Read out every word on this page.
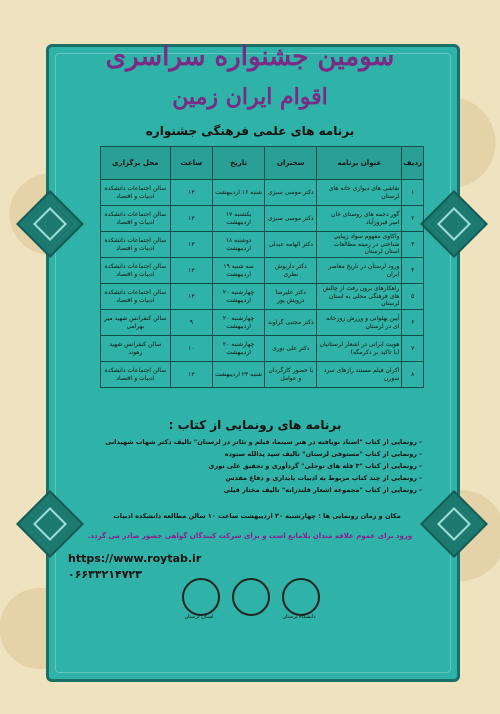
سومین جشنواره سراسری
اقوام ایران زمین
برنامه های علمی فرهنگی جشنواره
ردیف	عنوان برنامه	سخنران	تاریخ	ساعت	محل برگزاری
۱	نقاشی های دیواری خانه های لرستان	دکتر موسی سبزی	شنبه ۱۶ اردیبهشت	۱۳	سالن اجتماعات دانشکده ادبیات و اقتصاد
۲	گور دخمه های روستای خان امیر فیروزآباد	دکتر موسی سبزی	یکشنبه ۱۷ اردیبهشت	۱۳	سالن اجتماعات دانشکده ادبیات و اقتصاد
۳	واکاوی مفهوم سواد زیبایی شناختی در زمینه مطالعات استان لرستان	دکتر الهامه عبدلی	دوشنبه ۱۸ اردیبهشت	۱۳	سالن اجتماعات دانشکده ادبیات و اقتصاد
۴	ورود لرستان در تاریخ معاصر ایران	دکتر داریوش نظری	سه شنبه ۱۹ اردیبهشت	۱۳	سالن اجتماعات دانشکده ادبیات و اقتصاد
۵	راهکارهای برون رفت از چالش های فرهنگی محلی به استان لرستان	دکتر علیرضا درویش پور	چهارشنبه ۲۰ اردیبهشت	۱۳	سالن اجتماعات دانشکده ادبیات و اقتصاد
۶	آیین پهلوانی و ورزش زورخانه ای در لرستان	دکتر مجتبی گراوند	چهارشنبه ۲۰ اردیبهشت	۹	سالن کنفرانس شهید میر بهرامی
۷	هویت ایرانی در اشعار لرستانیان (با تاکید بر دکرمگه)	دکتر علی نوری	چهارشنبه ۲۰ اردیبهشت	۱۰	سالن کنفرانس شهید زهوند
۸	اکران فیلم مستند رازهای سرد سورن	با حضور کارگردان و عوامل	شنبه ۲۳ اردیبهشت	۱۳	سالن اجتماعات دانشکده ادبیات و اقتصاد
برنامه های رونمایی از کتاب :
- رونمایی از کتاب "اسناد نویافته در هنر سینما، فیلم و تئاتر در لرستان" تالیف دکتر شهاب شهیدانی
- رونمایی از کتاب "مستوفی لرستان" تالیف سید یدالله ستوده
- رونمایی از کتاب "۳ قله های نوحلی" گردآوری و تحقیق علی نوری
- رونمایی از چند کتاب مربوط به ادبیات پایداری و دفاع مقدس
- رونمایی از کتاب "مجموعه اشعار قلندرانه" تالیف مختار قیلی
مکان و زمان رونمایی ها : چهارشنبه ۲۰ اردیبهشت ساعت ۱۰ سالن مطالعه دانشکده ادبیات
ورود برای عموم علاقه مندان بلامانع است و برای شرکت کنندگان گواهی حضور صادر می گردد.
https://www.roytab.ir
۰۶۶۳۳۲۱۴۷۲۳
استان لرستان	دانشگاه لرستان
